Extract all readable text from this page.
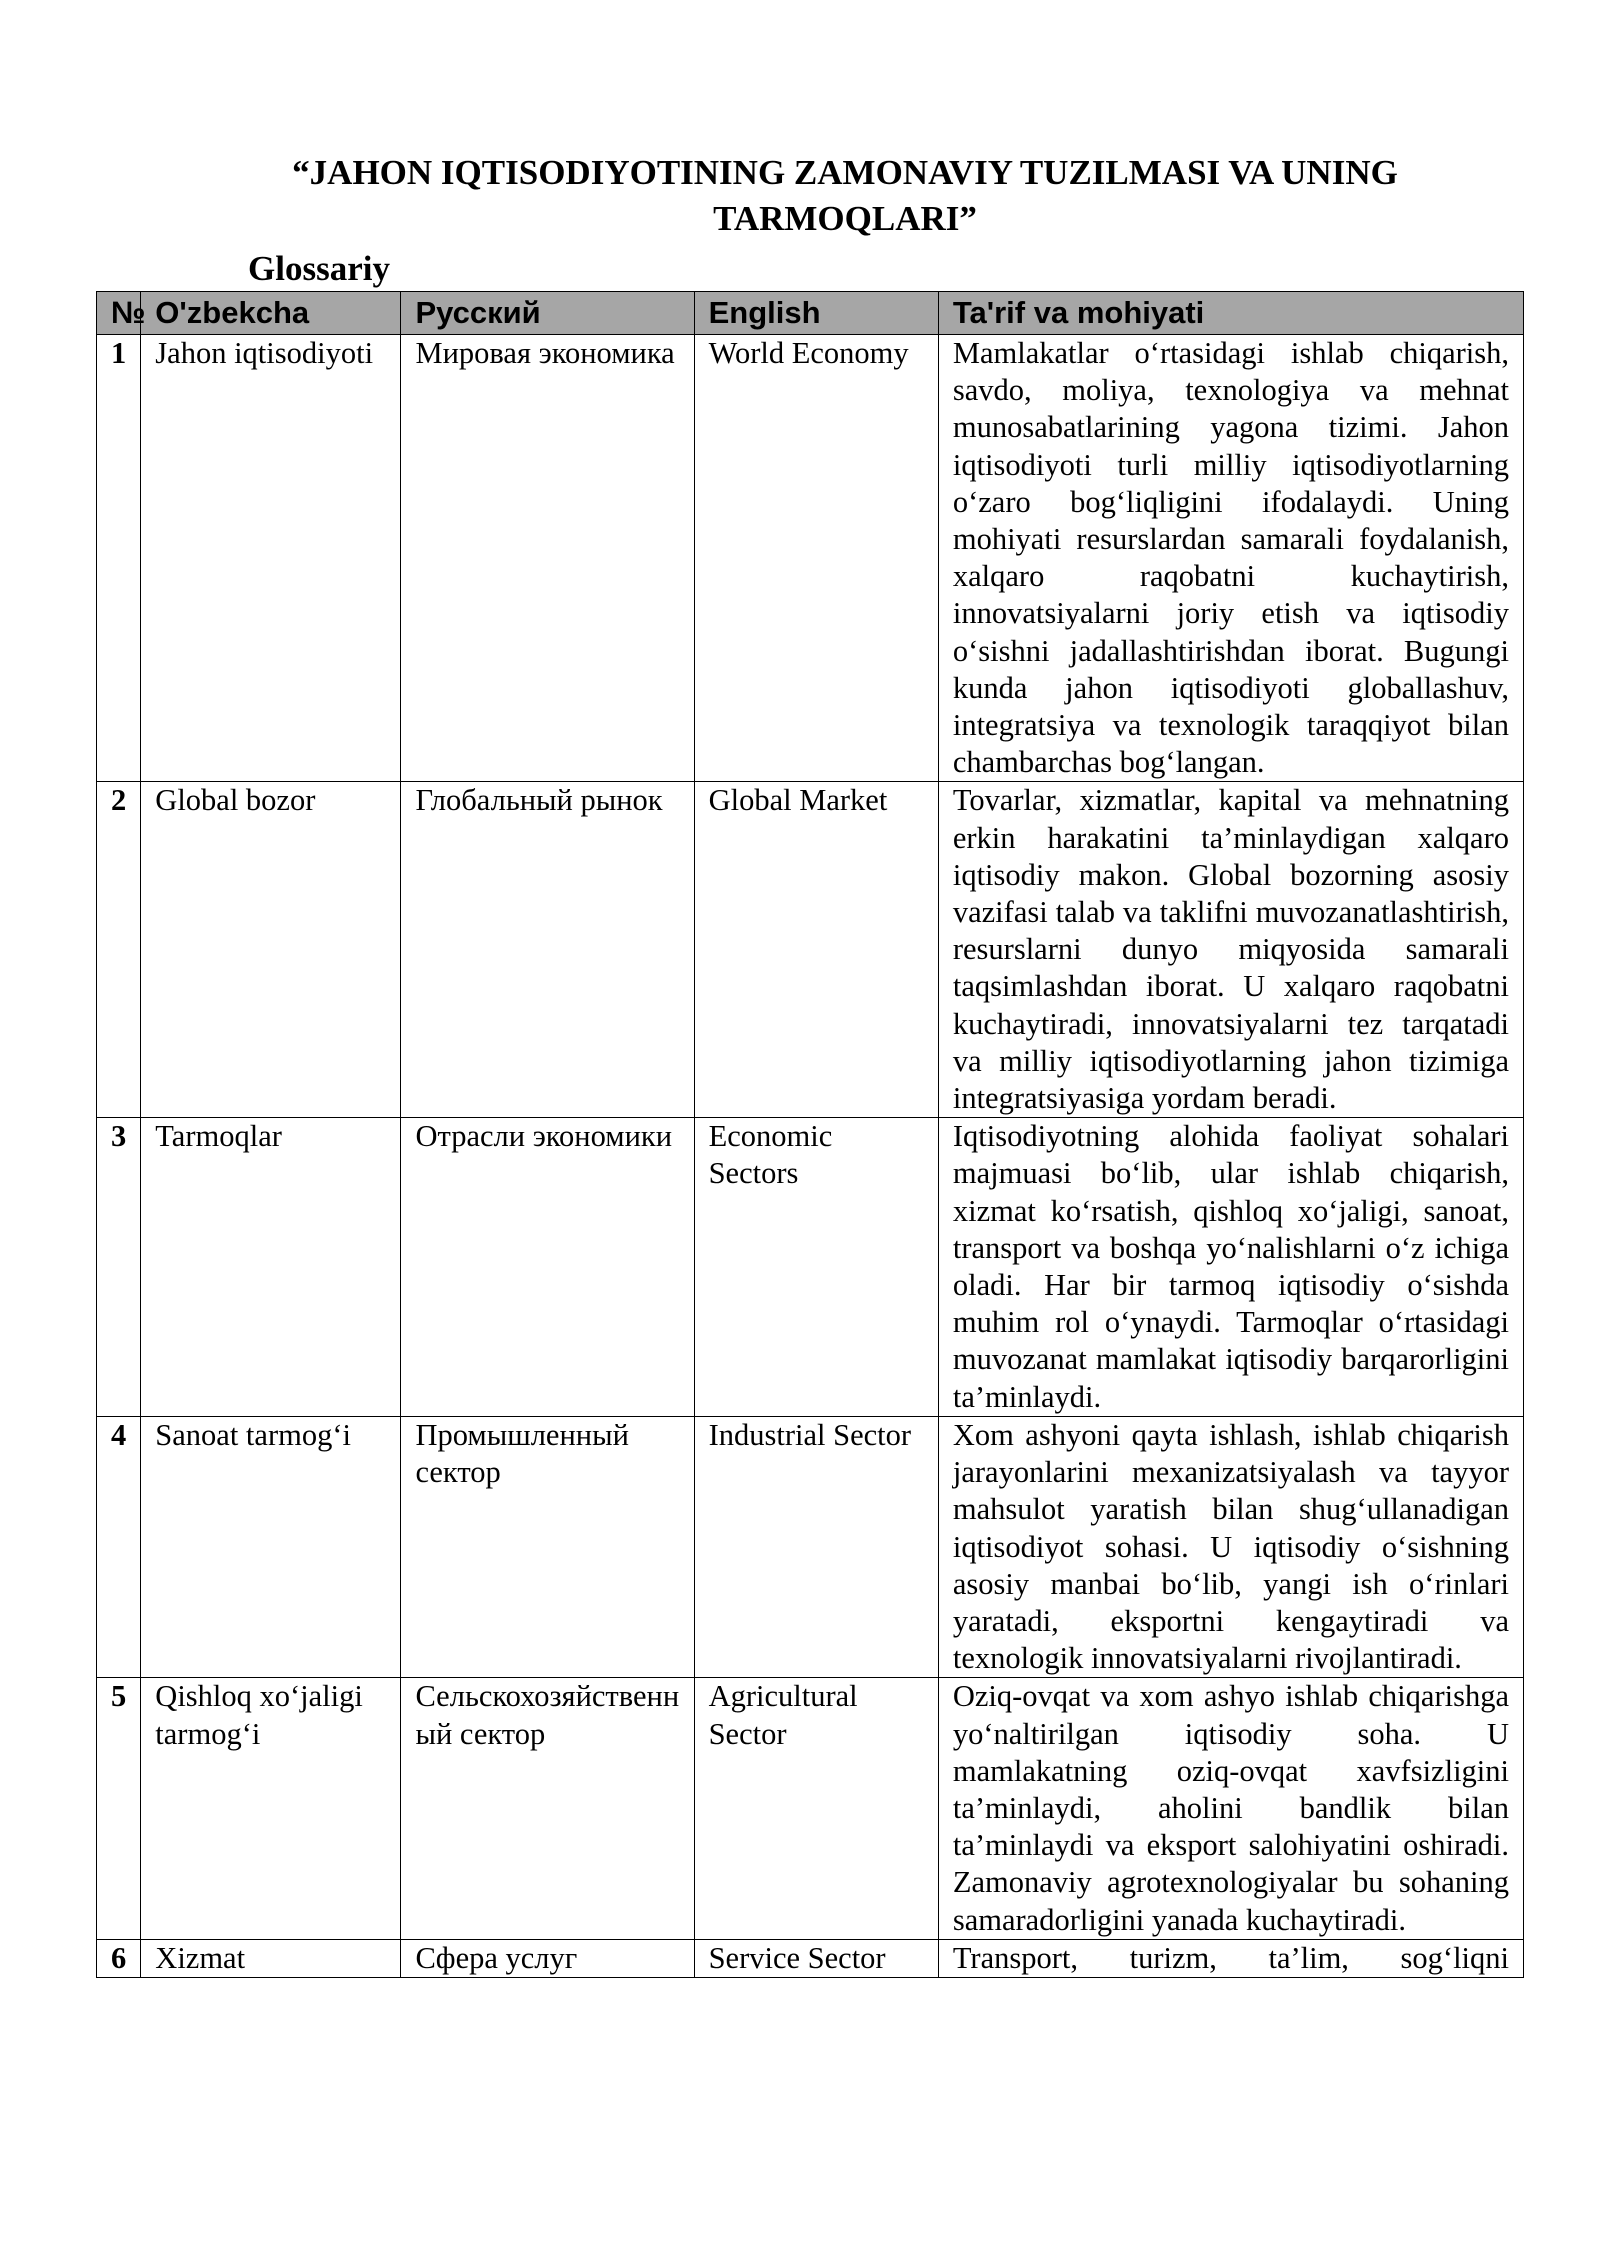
“JAHON IQTISODIYOTINING ZAMONAVIY TUZILMASI VA UNING TARMOQLARI”
Glossariy
№	O'zbekcha	Русский	English	Ta'rif va mohiyati
1	Jahon iqtisodiyoti	Мировая экономика	World Economy	Mamlakatlar o‘rtasidagi ishlab chiqarish, savdo, moliya, texnologiya va mehnat munosabatlarining yagona tizimi. Jahon iqtisodiyoti turli milliy iqtisodiyotlarning o‘zaro bog‘liqligini ifodalaydi. Uning mohiyati resurslardan samarali foydalanish, xalqaro raqobatni kuchaytirish, innovatsiyalarni joriy etish va iqtisodiy o‘sishni jadallashtirishdan iborat. Bugungi kunda jahon iqtisodiyoti globallashuv, integratsiya va texnologik taraqqiyot bilan chambarchas bog‘langan.
2	Global bozor	Глобальный рынок	Global Market	Tovarlar, xizmatlar, kapital va mehnatning erkin harakatini ta’minlaydigan xalqaro iqtisodiy makon. Global bozorning asosiy vazifasi talab va taklifni muvozanatlashtirish, resurslarni dunyo miqyosida samarali taqsimlashdan iborat. U xalqaro raqobatni kuchaytiradi, innovatsiyalarni tez tarqatadi va milliy iqtisodiyotlarning jahon tizimiga integratsiyasiga yordam beradi.
3	Tarmoqlar	Отрасли экономики	Economic Sectors	Iqtisodiyotning alohida faoliyat sohalari majmuasi bo‘lib, ular ishlab chiqarish, xizmat ko‘rsatish, qishloq xo‘jaligi, sanoat, transport va boshqa yo‘nalishlarni o‘z ichiga oladi. Har bir tarmoq iqtisodiy o‘sishda muhim rol o‘ynaydi. Tarmoqlar o‘rtasidagi muvozanat mamlakat iqtisodiy barqarorligini ta’minlaydi.
4	Sanoat tarmog‘i	Промышленный сектор	Industrial Sector	Xom ashyoni qayta ishlash, ishlab chiqarish jarayonlarini mexanizatsiyalash va tayyor mahsulot yaratish bilan shug‘ullanadigan iqtisodiyot sohasi. U iqtisodiy o‘sishning asosiy manbai bo‘lib, yangi ish o‘rinlari yaratadi, eksportni kengaytiradi va texnologik innovatsiyalarni rivojlantiradi.
5	Qishloq xo‘jaligi tarmog‘i	Сельскохозяйственный сектор	Agricultural Sector	Oziq-ovqat va xom ashyo ishlab chiqarishga yo‘naltirilgan iqtisodiy soha. U mamlakatning oziq-ovqat xavfsizligini ta’minlaydi, aholini bandlik bilan ta’minlaydi va eksport salohiyatini oshiradi. Zamonaviy agrotexnologiyalar bu sohaning samaradorligini yanada kuchaytiradi.
6	Xizmat	Сфера услуг	Service Sector	Transport, turizm, ta’lim, sog‘liqni
